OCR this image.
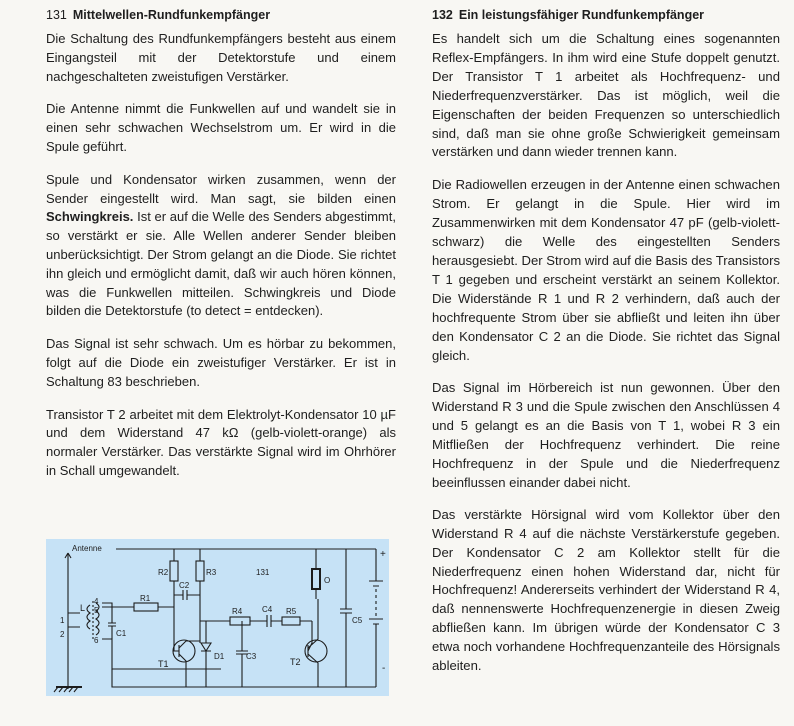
131 Mittelwellen-Rundfunkempfänger

Die Schaltung des Rundfunkempfängers besteht aus einem Eingangsteil mit der Detektorstufe und einem nachgeschalteten zweistufigen Verstärker.

Die Antenne nimmt die Funkwellen auf und wandelt sie in einen sehr schwachen Wechselstrom um. Er wird in die Spule geführt.

Spule und Kondensator wirken zusammen, wenn der Sender eingestellt wird. Man sagt, sie bilden einen Schwingkreis. Ist er auf die Welle des Senders abgestimmt, so verstärkt er sie. Alle Wellen anderer Sender bleiben unberücksichtigt. Der Strom gelangt an die Diode. Sie richtet ihn gleich und ermöglicht damit, daß wir auch hören können, was die Funkwellen mitteilen. Schwingkreis und Diode bilden die Detektorstufe (to detect = entdecken).

Das Signal ist sehr schwach. Um es hörbar zu bekommen, folgt auf die Diode ein zweistufiger Verstärker. Er ist in Schaltung 83 beschrieben.

Transistor T 2 arbeitet mit dem Elektrolyt-Kondensator 10 µF und dem Widerstand 47 kΩ (gelb-violett-orange) als normaler Verstärker. Das verstärkte Signal wird im Ohrhörer in Schall umgewandelt.

132 Ein leistungsfähiger Rundfunkempfänger

Es handelt sich um die Schaltung eines sogenannten Reflex-Empfängers. In ihm wird eine Stufe doppelt genutzt. Der Transistor T 1 arbeitet als Hochfrequenz- und Niederfrequenzverstärker. Das ist möglich, weil die Eigenschaften der beiden Frequenzen so unterschiedlich sind, daß man sie ohne große Schwierigkeit gemeinsam verstärken und dann wieder trennen kann.

Die Radiowellen erzeugen in der Antenne einen schwachen Strom. Er gelangt in die Spule. Hier wird im Zusammenwirken mit dem Kondensator 47 pF (gelb-violett-schwarz) die Welle des eingestellten Senders herausgesiebt. Der Strom wird auf die Basis des Transistors T 1 gegeben und erscheint verstärkt an seinem Kollektor. Die Widerstände R 1 und R 2 verhindern, daß auch der hochfrequente Strom über sie abfließt und leiten ihn über den Kondensator C 2 an die Diode. Sie richtet das Signal gleich.

Das Signal im Hörbereich ist nun gewonnen. Über den Widerstand R 3 und die Spule zwischen den Anschlüssen 4 und 5 gelangt es an die Basis von T 1, wobei R 3 ein Mitfließen der Hochfrequenz verhindert. Die reine Hochfrequenz in der Spule und die Niederfrequenz beeinflussen einander dabei nicht.

Das verstärkte Hörsignal wird vom Kollektor über den Widerstand R 4 auf die nächste Verstärkerstufe gegeben. Der Kondensator C 2 am Kollektor stellt für die Niederfrequenz einen hohen Widerstand dar, nicht für Hochfrequenz! Andererseits verhindert der Widerstand R 4, daß nennenswerte Hochfrequenzenergie in diesen Zweig abfließen kann. Im übrigen würde der Kondensator C 3 etwa noch vorhandene Hochfrequenzanteile des Hörsignals ableiten.

Antenne
4
5
6
1
2
L
C1
R1
R2	R3
C2
131
R4 C4 R5
D1	C3
T1	T2
O
C5
+
-
